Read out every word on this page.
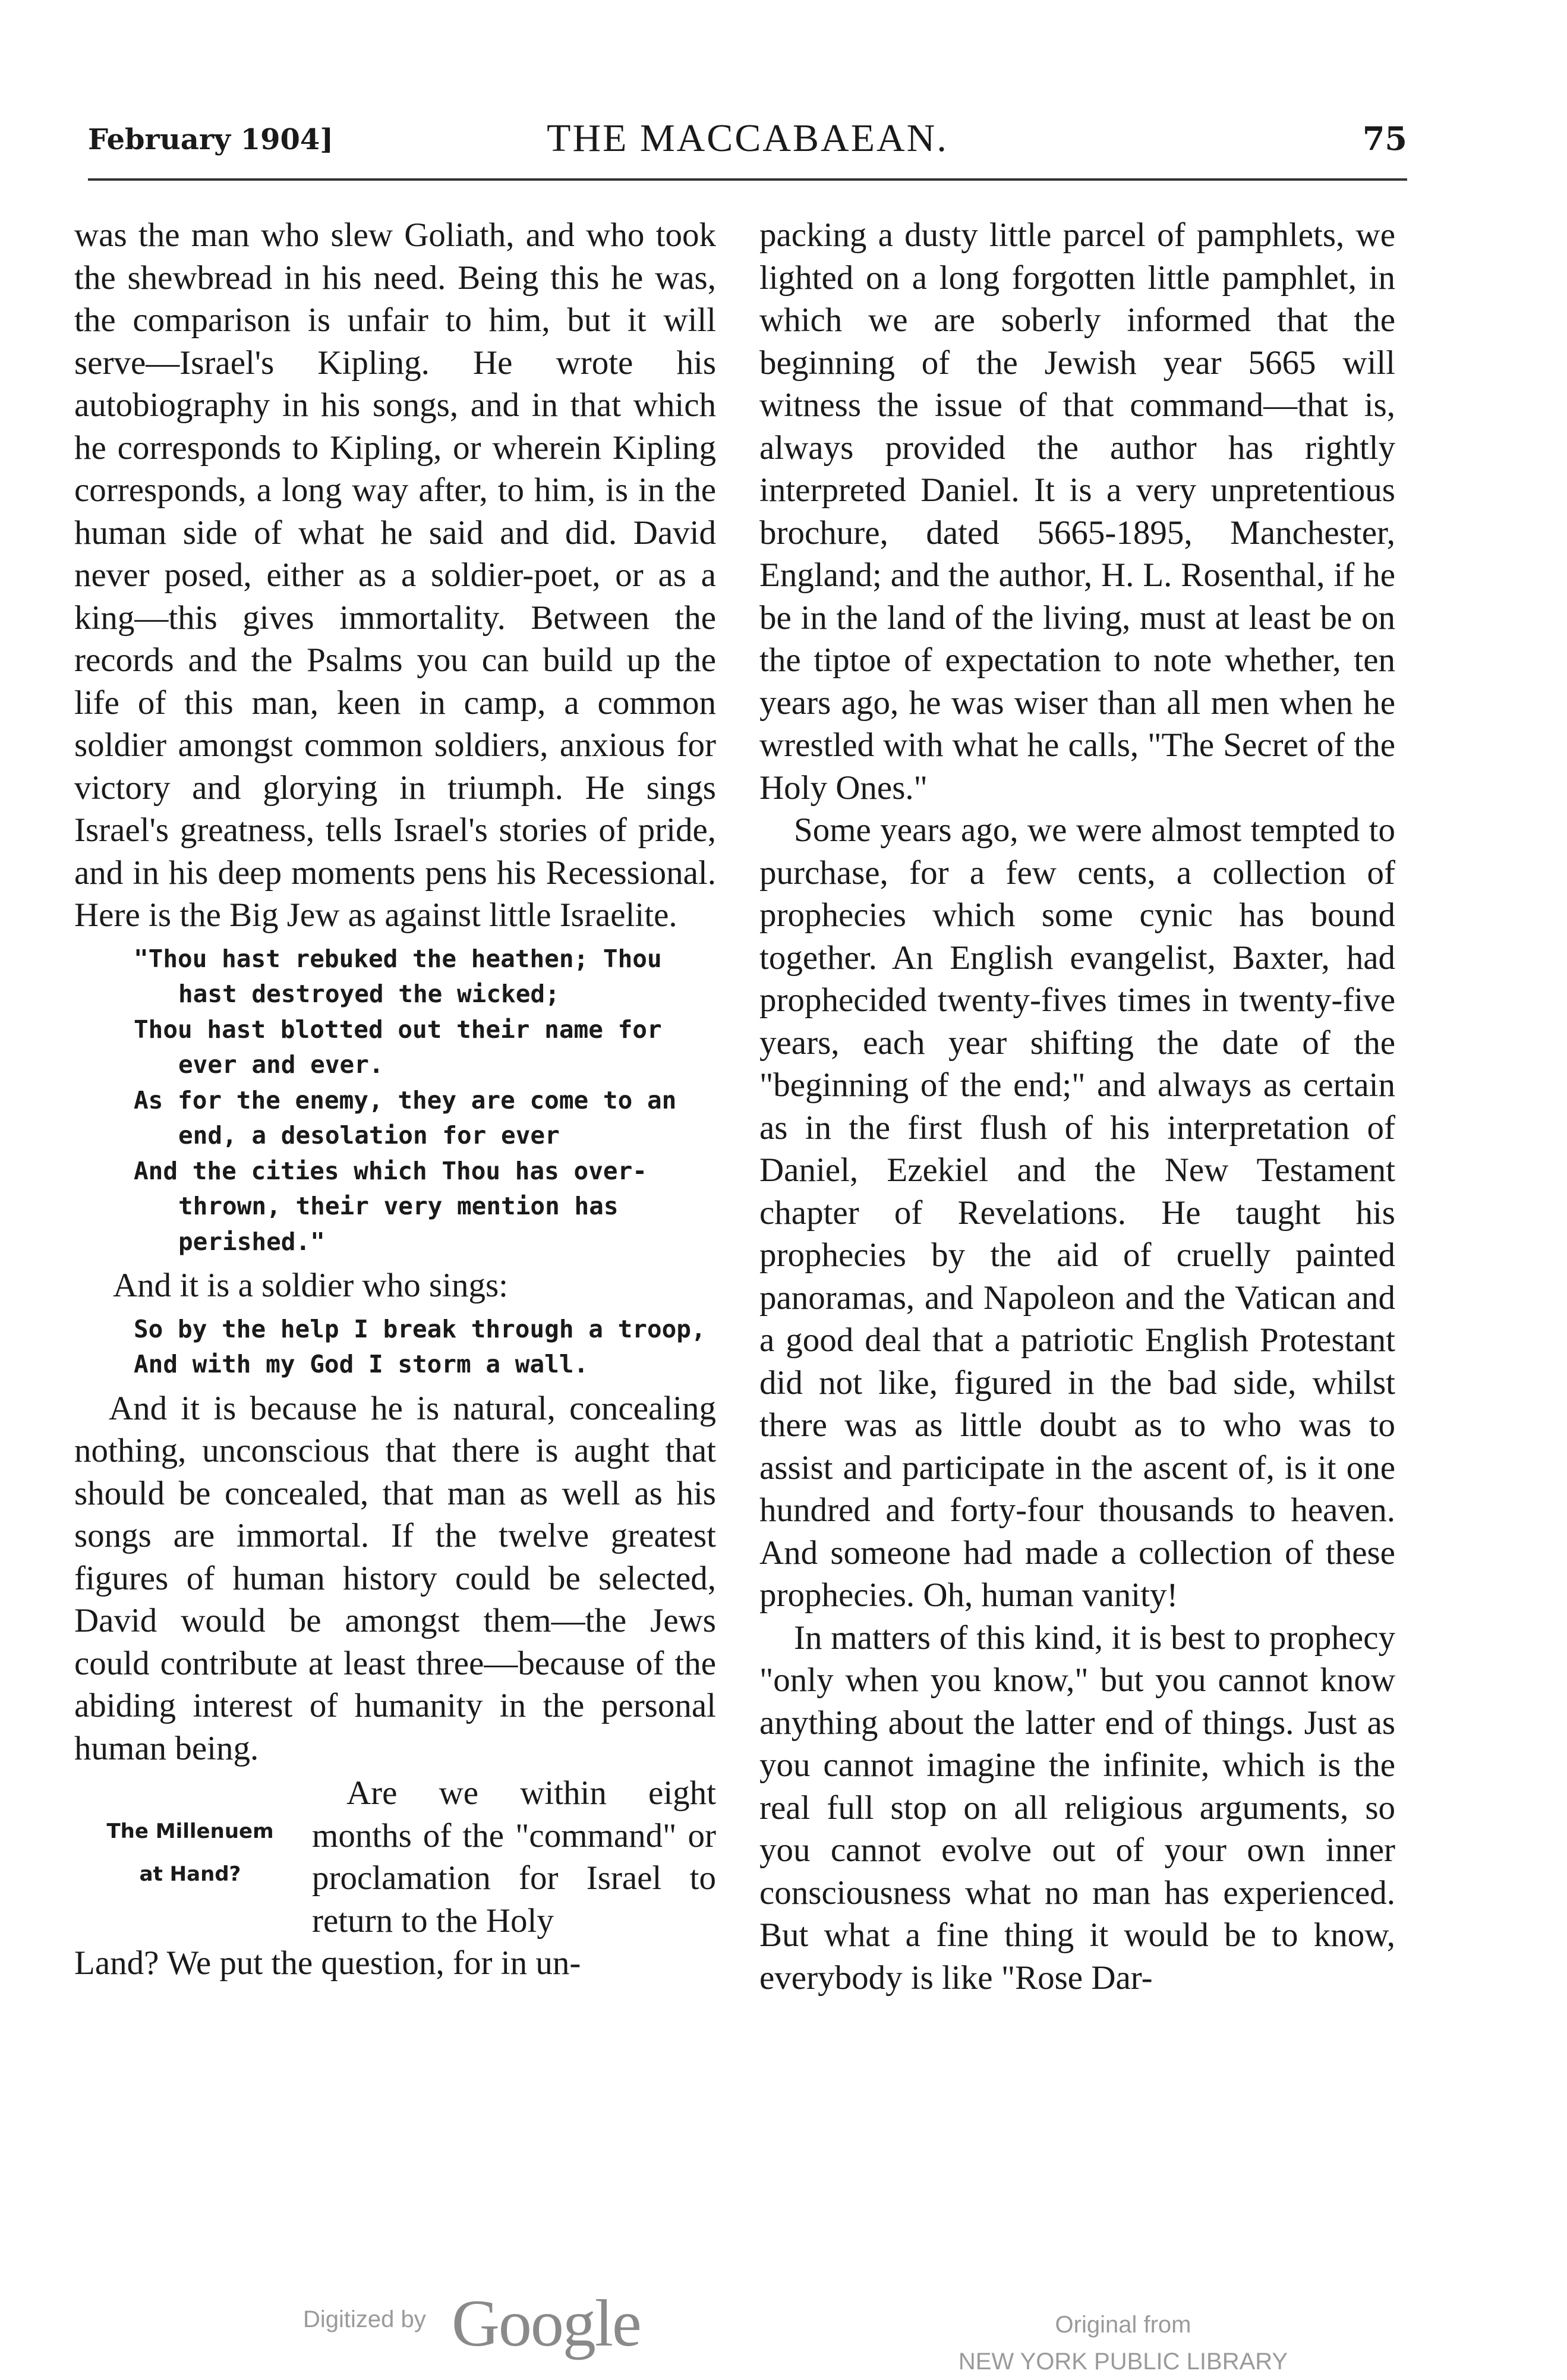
February 1904]	THE MACCABAEAN.	75

was the man who slew Goliath, and who took the shewbread in his need. Being this he was, the comparison is unfair to him, but it will serve—Israel's Kipling. He wrote his autobiography in his songs, and in that which he corresponds to Kipling, or wherein Kipling corresponds, a long way after, to him, is in the human side of what he said and did. David never posed, either as a soldier-poet, or as a king—this gives immortality. Between the records and the Psalms you can build up the life of this man, keen in camp, a common soldier amongst common soldiers, anxious for victory and glorying in triumph. He sings Israel's greatness, tells Israel's stories of pride, and in his deep moments pens his Recessional. Here is the Big Jew as against little Israelite.

"Thou hast rebuked the heathen; Thou hast destroyed the wicked;

Thou hast blotted out their name for ever and ever.

As for the enemy, they are come to an end, a desolation for ever

And the cities which Thou has overthrown, their very mention has perished."

And it is a soldier who sings:

So by the help I break through a troop,

And with my God I storm a wall.

And it is because he is natural, concealing nothing, unconscious that there is aught that should be concealed, that man as well as his songs are immortal. If the twelve greatest figures of human history could be selected, David would be amongst them—the Jews could contribute at least three—because of the abiding interest of humanity in the personal human being.

The Millenuem
at Hand?

Are we within eight months of the "command" or proclamation for Israel to return to the Holy

Land? We put the question, for in un-

packing a dusty little parcel of pamphlets, we lighted on a long forgotten little pamphlet, in which we are soberly informed that the beginning of the Jewish year 5665 will witness the issue of that command—that is, always provided the author has rightly interpreted Daniel. It is a very unpretentious brochure, dated 5665-1895, Manchester, England; and the author, H. L. Rosenthal, if he be in the land of the living, must at least be on the tiptoe of expectation to note whether, ten years ago, he was wiser than all men when he wrestled with what he calls, "The Secret of the Holy Ones."

Some years ago, we were almost tempted to purchase, for a few cents, a collection of prophecies which some cynic has bound together. An English evangelist, Baxter, had prophecided twenty-fives times in twenty-five years, each year shifting the date of the "beginning of the end;" and always as certain as in the first flush of his interpretation of Daniel, Ezekiel and the New Testament chapter of Revelations. He taught his prophecies by the aid of cruelly painted panoramas, and Napoleon and the Vatican and a good deal that a patriotic English Protestant did not like, figured in the bad side, whilst there was as little doubt as to who was to assist and participate in the ascent of, is it one hundred and forty-four thousands to heaven. And someone had made a collection of these prophecies. Oh, human vanity!

In matters of this kind, it is best to prophecy "only when you know," but you cannot know anything about the latter end of things. Just as you cannot imagine the infinite, which is the real full stop on all religious arguments, so you cannot evolve out of your own inner consciousness what no man has experienced. But what a fine thing it would be to know, everybody is like "Rose Dar-

Digitized by Google	Original from
NEW YORK PUBLIC LIBRARY
